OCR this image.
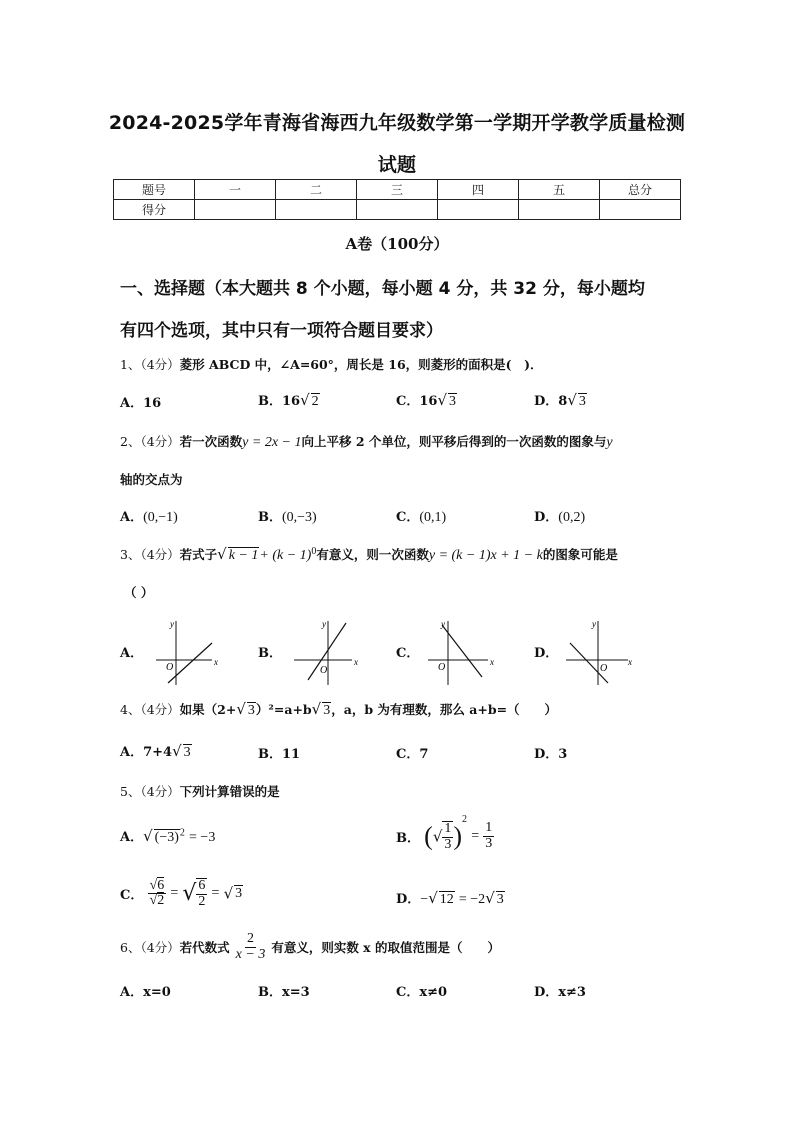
2024-2025学年青海省海西九年级数学第一学期开学教学质量检测
试题
题号	一	二	三	四	五	总分
得分						
A卷（100分）
一、选择题（本大题共 8 个小题，每小题 4 分，共 32 分，每小题均
有四个选项，其中只有一项符合题目要求）
1、（4分）菱形 ABCD 中，∠A=60°，周长是 16，则菱形的面积是(　)．
A．16	B．16√ 2	C．16√ 3	D．8√ 3
2、（4分）若一次函数y = 2x − 1向上平移 2 个单位，则平移后得到的一次函数的图象与y
轴的交点为
A．(0,−1)	B．(0,−3)	C．(0,1)	D．(0,2)
3、（4分）若式子√ $k - 1+ (k - 1)^0$有意义，则一次函数y = (k − 1)x + 1 − k的图象可能是
（ ）
A．
y
x
O
B．
y
x
O
C．
y
x
O
D．
y
x
O
4、（4分）如果（2+√ 3）²=a+b√ 3，a，b 为有理数，那么 a+b=（　　）
A．7+4√ 3	B．11	C．7	D．3
5、（4分）下列计算错误的是
A．√ $(-3)^2 = -3$	B． (√ $\frac{1}{3} )^2 = \frac{1}{3}$
C． $\frac{√6}{√2}$ = √ $\frac{6}{2}$ = √ 3	D．−√ 12 = −2√ 3
6、（4分）若代数式 $\frac{2}{x - 3}$ 有意义，则实数 x 的取值范围是（　　）
A．x=0	B．x=3	C．x≠0	D．x≠3
